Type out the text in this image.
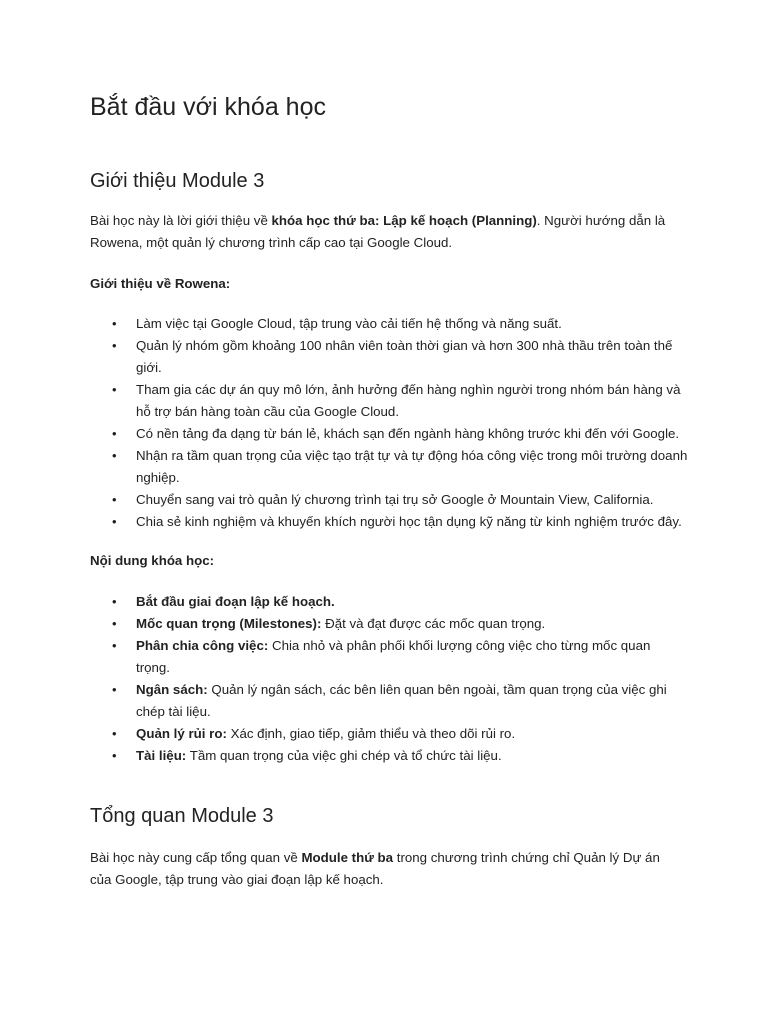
Bắt đầu với khóa học
Giới thiệu Module 3

Bài học này là lời giới thiệu về khóa học thứ ba: Lập kế hoạch (Planning). Người hướng dẫn là Rowena, một quản lý chương trình cấp cao tại Google Cloud.

Giới thiệu về Rowena:
• Làm việc tại Google Cloud, tập trung vào cải tiến hệ thống và năng suất.
• Quản lý nhóm gồm khoảng 100 nhân viên toàn thời gian và hơn 300 nhà thầu trên toàn thế giới.
• Tham gia các dự án quy mô lớn, ảnh hưởng đến hàng nghìn người trong nhóm bán hàng và hỗ trợ bán hàng toàn cầu của Google Cloud.
• Có nền tảng đa dạng từ bán lẻ, khách sạn đến ngành hàng không trước khi đến với Google.
• Nhận ra tầm quan trọng của việc tạo trật tự và tự động hóa công việc trong môi trường doanh nghiệp.
• Chuyển sang vai trò quản lý chương trình tại trụ sở Google ở Mountain View, California.
• Chia sẻ kinh nghiệm và khuyến khích người học tận dụng kỹ năng từ kinh nghiệm trước đây.
Nội dung khóa học:
• Bắt đầu giai đoạn lập kế hoạch.
• Mốc quan trọng (Milestones): Đặt và đạt được các mốc quan trọng.
• Phân chia công việc: Chia nhỏ và phân phối khối lượng công việc cho từng mốc quan trọng.
• Ngân sách: Quản lý ngân sách, các bên liên quan bên ngoài, tầm quan trọng của việc ghi chép tài liệu.
• Quản lý rủi ro: Xác định, giao tiếp, giảm thiểu và theo dõi rủi ro.
• Tài liệu: Tầm quan trọng của việc ghi chép và tổ chức tài liệu.
Tổng quan Module 3

Bài học này cung cấp tổng quan về Module thứ ba trong chương trình chứng chỉ Quản lý Dự án của Google, tập trung vào giai đoạn lập kế hoạch.
